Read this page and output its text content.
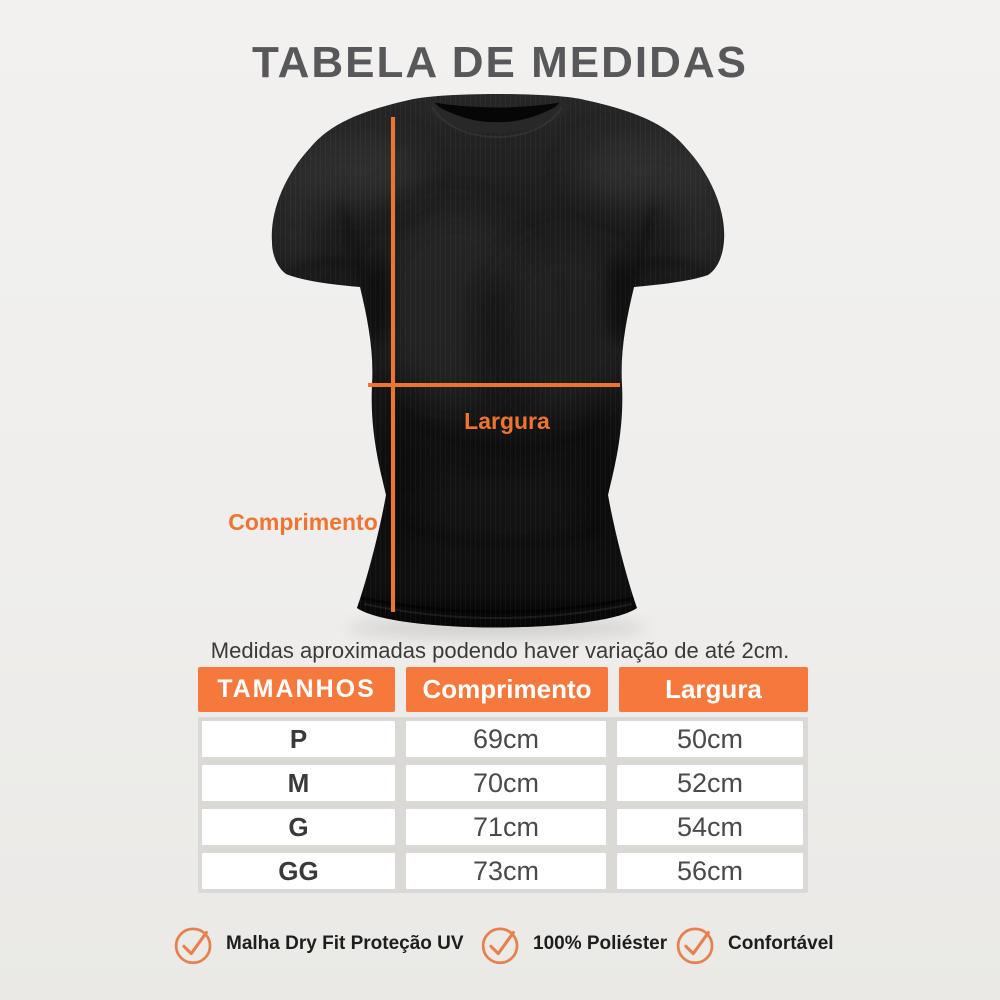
TABELA DE MEDIDAS
Largura
Comprimento
Medidas aproximadas podendo haver variação de até 2cm.
TAMANHOS	Comprimento	Largura
P	69cm	50cm
M	70cm	52cm
G	71cm	54cm
GG	73cm	56cm
Malha Dry Fit Proteção UV	100% Poliéster	Confortável
